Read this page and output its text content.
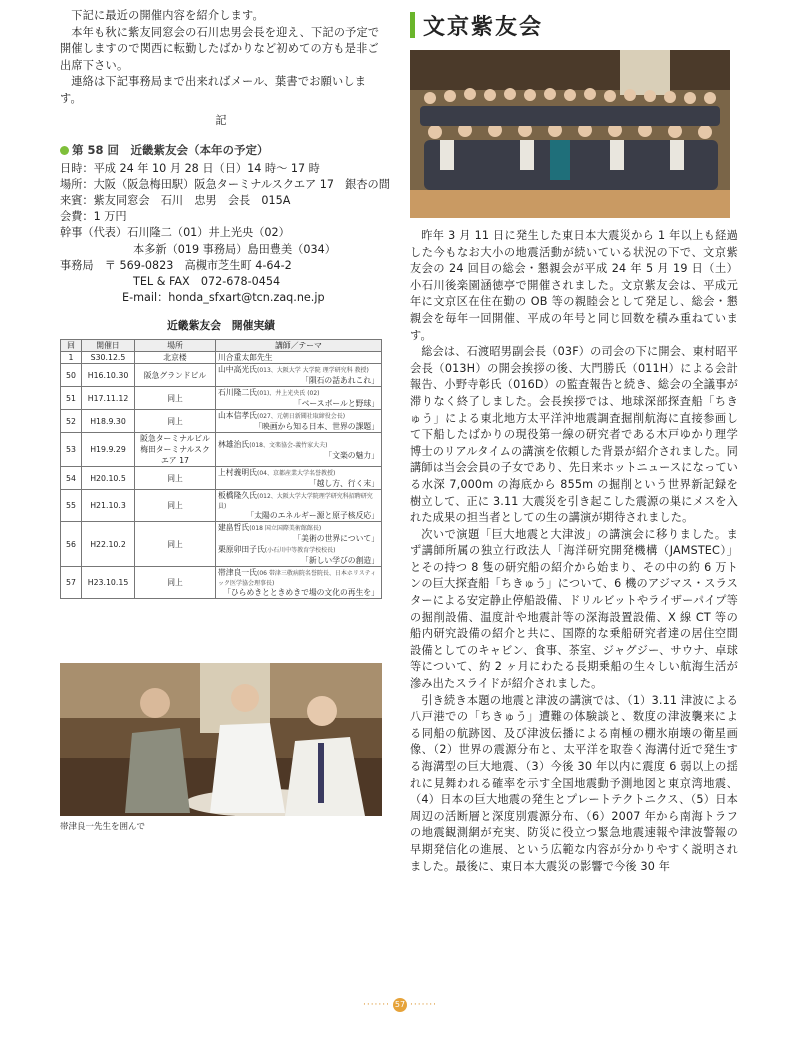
下記に最近の開催内容を紹介します。

本年も秋に紫友同窓会の石川忠男会長を迎え、下記の予定で開催しますので関西に転勤したばかりなど初めての方も是非ご出席下さい。

連絡は下記事務局まで出来ればメール、葉書でお願いします。

記
第 58 回　近畿紫友会（本年の予定）
日時：平成 24 年 10 月 28 日（日）14 時～ 17 時
場所：大阪（阪急梅田駅）阪急ターミナルスクエア 17　銀杏の間
来賓：紫友同窓会　石川　忠男　会長　015A
会費：1 万円
幹事（代表）石川隆二（01）井上光央（02）
本多新（019 事務局）島田豊美（034）
事務局　〒 569-0823　高槻市芝生町 4-64-2
TEL & FAX　072-678-0454
E-mail：honda_sfxart@tcn.zaq.ne.jp
近畿紫友会　開催実績
回	開催日	場所	講師／テーマ
1	S30.12.5	北京楼	川合重太郎先生
50	H16.10.30	阪急グランドビル	山中高光氏(013、大阪大学 大学院 理学研究科 教授)
「隕石の話あれこれ」

51	H17.11.12	同上	石川隆二氏(01)、井上光央氏 (02)
「ベースボールと野球」

52	H18.9.30	同上	山本信孝氏(027、元朝日新聞社取締役会長)
「映画から知る日本、世界の課題」

53	H19.9.29	阪急ターミナルビル 梅田ターミナルスクエア 17	林雄治氏(018、文楽協会-義竹家大夫)
「文楽の魅力」

54	H20.10.5	同上	上村義明氏(04、京都産業大学名誉教授)
「越し方、行く末」

55	H21.10.3	同上	板橋隆久氏(012、大阪大学大学院理学研究科招聘研究員)
「太陽のエネルギー源と原子核反応」

56	H22.10.2	同上	建畠哲氏(018 国立国際美術館館長)
「美術の世界について」
栗原卯田子氏(小石川中等教育学校校長)
「新しい学びの創造」

57	H23.10.15	同上	帯津良一氏(06 帯津三敬病院名誉院長、日本ホリスティック医学協会理事長)
「ひらめきとときめきで場の文化の再生を」
帯津良一先生を囲んで
文京紫友会

昨年 3 月 11 日に発生した東日本大震災から 1 年以上も経過した今もなお大小の地震活動が続いている状況の下で、文京紫友会の 24 回目の総会・懇親会が平成 24 年 5 月 19 日（土）小石川後楽園涵徳亭で開催されました。文京紫友会は、平成元年に文京区在住在勤の OB 等の親睦会として発足し、総会・懇親会を毎年一回開催、平成の年号と同じ回数を積み重ねています。

総会は、石渡昭男副会長（03F）の司会の下に開会、東村昭平会長（013H）の開会挨拶の後、大門勝氏（011H）による会計報告、小野寺彰氏（016D）の監査報告と続き、総会の全議事が滞りなく終了しました。会長挨拶では、地球深部探査船「ちきゅう」による東北地方太平洋沖地震調査掘削航海に直接参画して下船したばかりの現役第一線の研究者である木戸ゆかり理学博士のリアルタイムの講演を依頼した背景が紹介されました。同講師は当会会員の子女であり、先日来ホットニュースになっている水深 7,000m の海底から 855m の掘削という世界新記録を樹立して、正に 3.11 大震災を引き起こした震源の巣にメスを入れた成果の担当者としての生の講演が期待されました。

次いで演題「巨大地震と大津波」の講演会に移りました。まず講師所属の独立行政法人「海洋研究開発機構（JAMSTEC）」とその持つ 8 隻の研究船の紹介から始まり、その中の約 6 万トンの巨大探査船「ちきゅう」について、6 機のアジマス・スラスターによる安定静止停船設備、ドリルビットやライザーパイプ等の掘削設備、温度計や地震計等の深海設置設備、X 線 CT 等の船内研究設備の紹介と共に、国際的な乗船研究者達の居住空間設備としてのキャビン、食事、茶室、ジャグジー、サウナ、卓球等について、約 2 ヶ月にわたる長期乗船の生々しい航海生活が滲み出たスライドが紹介されました。

引き続き本題の地震と津波の講演では、（1）3.11 津波による八戸港での「ちきゅう」遭難の体験談と、数度の津波襲来による同船の航跡図、及び津波伝播による南極の棚氷崩壊の衛星画像、（2）世界の震源分布と、太平洋を取巻く海溝付近で発生する海溝型の巨大地震、（3）今後 30 年以内に震度 6 弱以上の揺れに見舞われる確率を示す全国地震動予測地図と東京湾地震、（4）日本の巨大地震の発生とプレートテクトニクス、（5）日本周辺の活断層と深度別震源分布、（6）2007 年から南海トラフの地震観測網が充実、防災に役立つ緊急地震速報や津波警報の早期発信化の進展、という広範な内容が分かりやすく説明されました。最後に、東日本大震災の影響で今後 30 年

······· 57 ·······
